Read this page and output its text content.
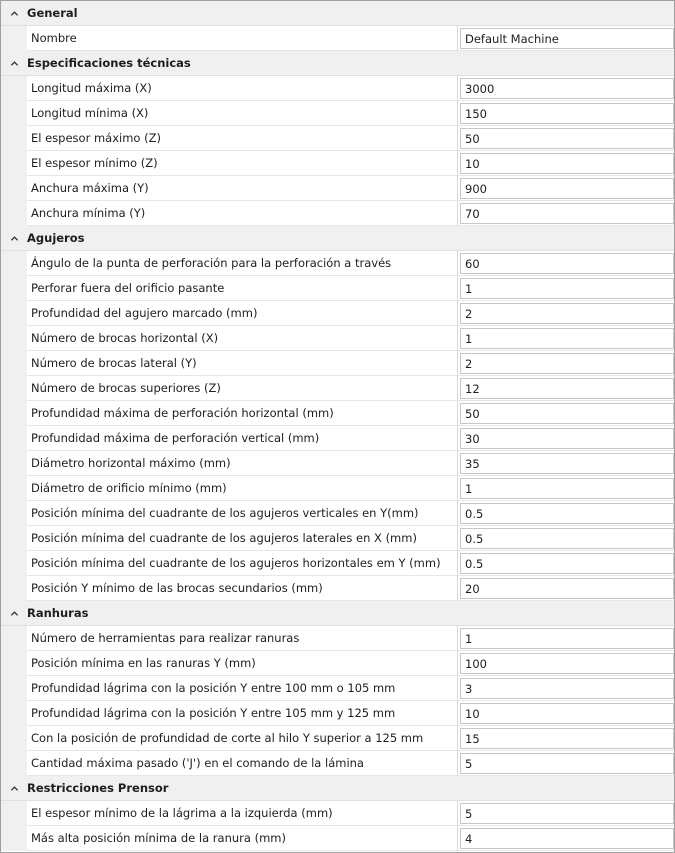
General
Nombre
Default Machine
Especificaciones técnicas
Longitud máxima (X)
3000
Longitud mínima (X)
150
El espesor máximo (Z)
50
El espesor mínimo (Z)
10
Anchura máxima (Y)
900
Anchura mínima (Y)
70
Agujeros
Ángulo de la punta de perforación para la perforación a través
60
Perforar fuera del orificio pasante
1
Profundidad del agujero marcado (mm)
2
Número de brocas horizontal (X)
1
Número de brocas lateral (Y)
2
Número de brocas superiores (Z)
12
Profundidad máxima de perforación horizontal (mm)
50
Profundidad máxima de perforación vertical (mm)
30
Diámetro horizontal máximo (mm)
35
Diámetro de orificio mínimo (mm)
1
Posición mínima del cuadrante de los agujeros verticales en Y(mm)
0.5
Posición mínima del cuadrante de los agujeros laterales en X (mm)
0.5
Posición mínima del cuadrante de los agujeros horizontales em Y (mm)
0.5
Posición Y mínimo de las brocas secundarios (mm)
20
Ranhuras
Número de herramientas para realizar ranuras
1
Posición mínima en las ranuras Y (mm)
100
Profundidad lágrima con la posición Y entre 100 mm o 105 mm
3
Profundidad lágrima con la posición Y entre 105 mm y 125 mm
10
Con la posición de profundidad de corte al hilo Y superior a 125 mm
15
Cantidad máxima pasado ('J') en el comando de la lámina
5
Restricciones Prensor
El espesor mínimo de la lágrima a la izquierda (mm)
5
Más alta posición mínima de la ranura (mm)
4
